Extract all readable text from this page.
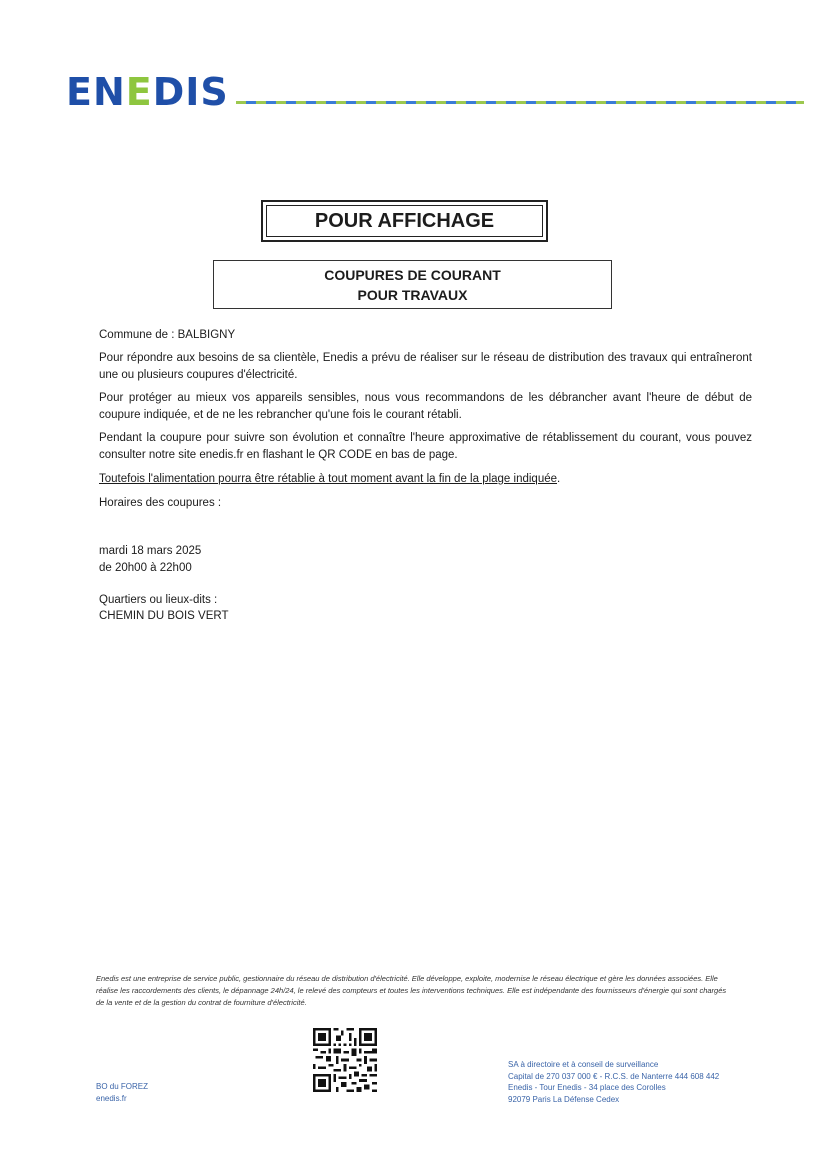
ENEDIS
POUR AFFICHAGE
COUPURES DE COURANT
POUR TRAVAUX
Commune de : BALBIGNY
Pour répondre aux besoins de sa clientèle, Enedis a prévu de réaliser sur le réseau de distribution des travaux qui entraîneront une ou plusieurs coupures d'électricité.
Pour protéger au mieux vos appareils sensibles, nous vous recommandons de les débrancher avant l'heure de début de coupure indiquée, et de ne les rebrancher qu'une fois le courant rétabli.
Pendant la coupure pour suivre son évolution et connaître l'heure approximative de rétablissement du courant, vous pouvez consulter notre site enedis.fr en flashant le QR CODE en bas de page.
Toutefois l'alimentation pourra être rétablie à tout moment avant la fin de la plage indiquée.
Horaires des coupures :
mardi 18 mars 2025
de 20h00 à 22h00
Quartiers ou lieux-dits :
CHEMIN DU BOIS VERT
Enedis est une entreprise de service public, gestionnaire du réseau de distribution d'électricité. Elle développe, exploite, modernise le réseau électrique et gère les données associées. Elle réalise les raccordements des clients, le dépannage 24h/24, le relevé des compteurs et toutes les interventions techniques. Elle est indépendante des fournisseurs d'énergie qui sont chargés de la vente et de la gestion du contrat de fourniture d'électricité.
BO du FOREZ
enedis.fr
SA à directoire et à conseil de surveillance
Capital de 270 037 000 € - R.C.S. de Nanterre 444 608 442
Enedis - Tour Enedis - 34 place des Corolles
92079 Paris La Défense Cedex
